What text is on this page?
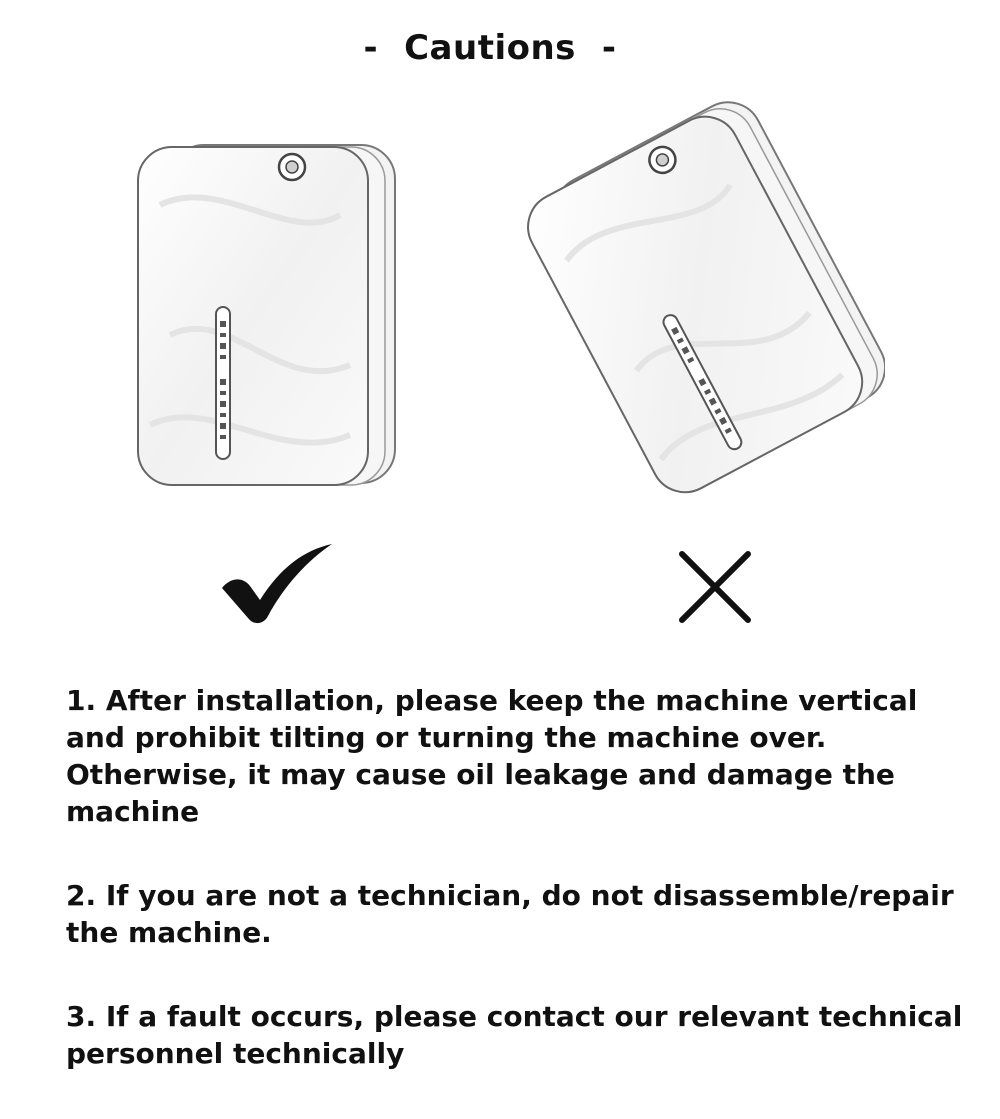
- Cautions -

1. After installation, please keep the machine vertical and prohibit tilting or turning the machine over. Otherwise, it may cause oil leakage and damage the machine

2. If you are not a technician, do not disassemble/repair the machine.

3. If a fault occurs, please contact our relevant technical personnel technically
